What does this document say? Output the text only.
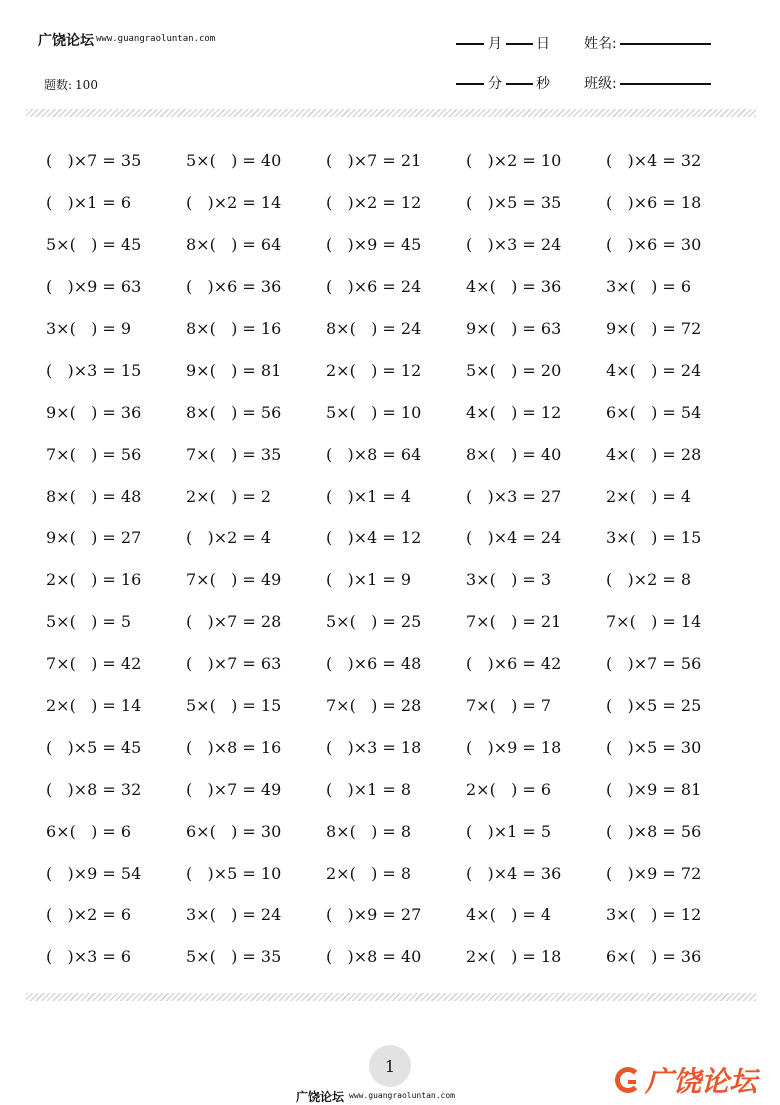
广饶论坛 www.guangraoluntan.com
题数: 100
月 日 姓名:
分 秒 班级:
(   )×7 = 35	5×(   ) = 40	(   )×7 = 21	(   )×2 = 10	(   )×4 = 32
(   )×1 = 6	(   )×2 = 14	(   )×2 = 12	(   )×5 = 35	(   )×6 = 18
5×(   ) = 45	8×(   ) = 64	(   )×9 = 45	(   )×3 = 24	(   )×6 = 30
(   )×9 = 63	(   )×6 = 36	(   )×6 = 24	4×(   ) = 36	3×(   ) = 6
3×(   ) = 9	8×(   ) = 16	8×(   ) = 24	9×(   ) = 63	9×(   ) = 72
(   )×3 = 15	9×(   ) = 81	2×(   ) = 12	5×(   ) = 20	4×(   ) = 24
9×(   ) = 36	8×(   ) = 56	5×(   ) = 10	4×(   ) = 12	6×(   ) = 54
7×(   ) = 56	7×(   ) = 35	(   )×8 = 64	8×(   ) = 40	4×(   ) = 28
8×(   ) = 48	2×(   ) = 2	(   )×1 = 4	(   )×3 = 27	2×(   ) = 4
9×(   ) = 27	(   )×2 = 4	(   )×4 = 12	(   )×4 = 24	3×(   ) = 15
2×(   ) = 16	7×(   ) = 49	(   )×1 = 9	3×(   ) = 3	(   )×2 = 8
5×(   ) = 5	(   )×7 = 28	5×(   ) = 25	7×(   ) = 21	7×(   ) = 14
7×(   ) = 42	(   )×7 = 63	(   )×6 = 48	(   )×6 = 42	(   )×7 = 56
2×(   ) = 14	5×(   ) = 15	7×(   ) = 28	7×(   ) = 7	(   )×5 = 25
(   )×5 = 45	(   )×8 = 16	(   )×3 = 18	(   )×9 = 18	(   )×5 = 30
(   )×8 = 32	(   )×7 = 49	(   )×1 = 8	2×(   ) = 6	(   )×9 = 81
6×(   ) = 6	6×(   ) = 30	8×(   ) = 8	(   )×1 = 5	(   )×8 = 56
(   )×9 = 54	(   )×5 = 10	2×(   ) = 8	(   )×4 = 36	(   )×9 = 72
(   )×2 = 6	3×(   ) = 24	(   )×9 = 27	4×(   ) = 4	3×(   ) = 12
(   )×3 = 6	5×(   ) = 35	(   )×8 = 40	2×(   ) = 18	6×(   ) = 36
1
广饶论坛 www.guangraoluntan.com	广饶论坛
